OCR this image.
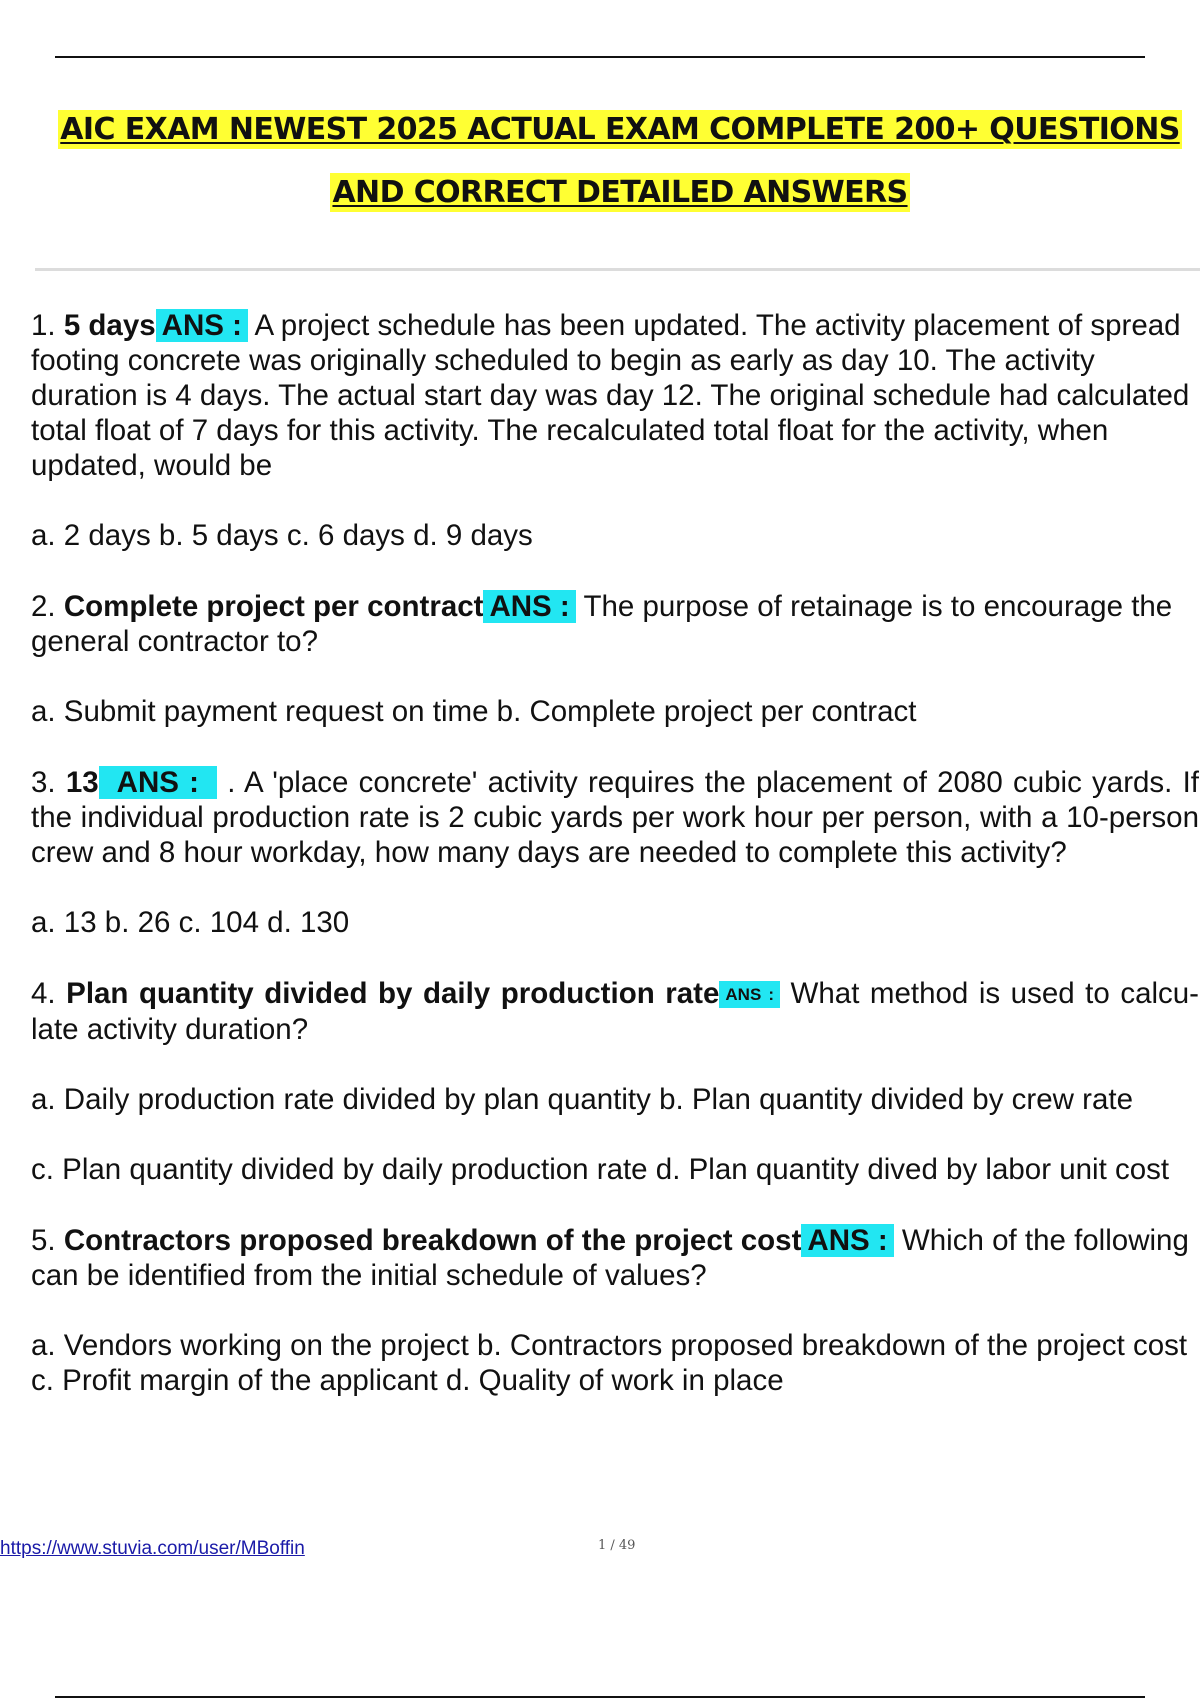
AIC EXAM NEWEST 2025 ACTUAL EXAM COMPLETE 200+ QUESTIONS
AND CORRECT DETAILED ANSWERS
1. 5 days ANS : A project schedule has been updated. The activity placement of spread footing concrete was originally scheduled to begin as early as day 10. The activity duration is 4 days. The actual start day was day 12. The original schedule had calculated total float of 7 days for this activity. The recalculated total float for the activity, when updated, would be
a. 2 days b. 5 days c. 6 days d. 9 days
2. Complete project per contract ANS : The purpose of retainage is to encourage the general contractor to?
a. Submit payment request on time b. Complete project per contract
3. 13 ANS : . A 'place concrete' activity requires the placement of 2080 cubic yards. If the individual production rate is 2 cubic yards per work hour per person, with a 10-person crew and 8 hour workday, how many days are needed to complete this activity?
a. 13 b. 26 c. 104 d. 130
4. Plan quantity divided by daily production rate ANS : What method is used to calcu- late activity duration?
a. Daily production rate divided by plan quantity b. Plan quantity divided by crew rate
c. Plan quantity divided by daily production rate d. Plan quantity dived by labor unit cost
5. Contractors proposed breakdown of the project cost ANS : Which of the following can be identified from the initial schedule of values?
a. Vendors working on the project b. Contractors proposed breakdown of the project cost c. Profit margin of the applicant d. Quality of work in place
https://www.stuvia.com/user/MBoffin	1 / 49
